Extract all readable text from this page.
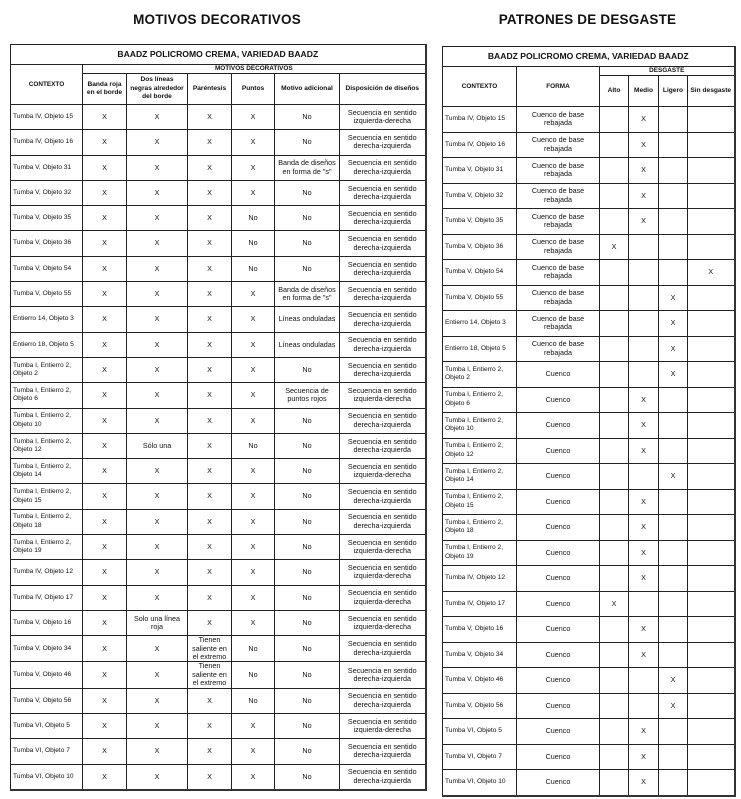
MOTIVOS DECORATIVOS	PATRONES DE DESGASTE
BAADZ POLICROMO CREMA, VARIEDAD BAADZ						
CONTEXTO	MOTIVOS DECORATIVOS					
	Banda roja en el borde	Dos líneas negras alrededor del borde	Paréntesis	Puntos	Motivo adicional	Disposición de diseños
Tumba IV, Objeto 15	X	X	X	X	No	Secuencia en sentido izquierda-derecha
Tumba IV, Objeto 16	X	X	X	X	No	Secuencia en sentido derecha-izquierda
Tumba V, Objeto 31	X	X	X	X	Banda de diseños en forma de "s"	Secuencia en sentido derecha-izquierda
Tumba V, Objeto 32	X	X	X	X	No	Secuencia en sentido derecha-izquierda
Tumba V, Objeto 35	X	X	X	No	No	Secuencia en sentido derecha-izquierda
Tumba V, Objeto 36	X	X	X	No	No	Secuencia en sentido derecha-izquierda
Tumba V, Objeto 54	X	X	X	No	No	Secuencia en sentido derecha-izquierda
Tumba V, Objeto 55	X	X	X	X	Banda de diseños en forma de "s"	Secuencia en sentido derecha-izquierda
Entierro 14, Objeto 3	X	X	X	X	Líneas onduladas	Secuencia en sentido derecha-izquierda
Entierro 18, Objeto 5	X	X	X	X	Líneas onduladas	Secuencia en sentido derecha-izquierda
Tumba I, Entierro 2, Objeto 2	X	X	X	X	No	Secuencia en sentido derecha-izquierda
Tumba I, Entierro 2, Objeto 6	X	X	X	X	Secuencia de puntos rojos	Secuencia en sentido izquierda-derecha
Tumba I, Entierro 2, Objeto 10	X	X	X	X	No	Secuencia en sentido derecha-izquierda
Tumba I, Entierro 2, Objeto 12	X	Sólo una	X	No	No	Secuencia en sentido derecha-izquierda
Tumba I, Entierro 2, Objeto 14	X	X	X	X	No	Secuencia en sentido izquierda-derecha
Tumba I, Entierro 2, Objeto 15	X	X	X	X	No	Secuencia en sentido derecha-izquierda
Tumba I, Entierro 2, Objeto 18	X	X	X	X	No	Secuencia en sentido derecha-izquierda
Tumba I, Entierro 2, Objeto 19	X	X	X	X	No	Secuencia en sentido izquierda-derecha
Tumba IV, Objeto 12	X	X	X	X	No	Secuencia en sentido izquierda-derecha
Tumba IV, Objeto 17	X	X	X	X	No	Secuencia en sentido izquierda-derecha
Tumba V, Objeto 16	X	Solo una línea roja	X	X	No	Secuencia en sentido izquierda-derecha
Tumba V, Objeto 34	X	X	Tienen saliente en el extremo	No	No	Secuencia en sentido derecha-izquierda
Tumba V, Objeto 46	X	X	Tienen saliente en el extremo	No	No	Secuencia en sentido derecha-izquierda
Tumba V, Objeto 56	X	X	X	No	No	Secuencia en sentido derecha-izquierda
Tumba VI, Objeto 5	X	X	X	X	No	Secuencia en sentido izquierda-derecha
Tumba VI, Objeto 7	X	X	X	X	No	Secuencia en sentido derecha-izquierda
Tumba VI, Objeto 10	X	X	X	X	No	Secuencia en sentido derecha-izquierda
BAADZ POLICROMO CREMA, VARIEDAD BAADZ					
CONTEXTO	FORMA	DESGASTE			
		Alto	Medio	Ligero	Sin desgaste
Tumba IV, Objeto 15	Cuenco de base rebajada		X		
Tumba IV, Objeto 16	Cuenco de base rebajada		X		
Tumba V, Objeto 31	Cuenco de base rebajada		X		
Tumba V, Objeto 32	Cuenco de base rebajada		X		
Tumba V, Objeto 35	Cuenco de base rebajada		X		
Tumba V, Objeto 36	Cuenco de base rebajada	X			
Tumba V, Objeto 54	Cuenco de base rebajada				X
Tumba V, Objeto 55	Cuenco de base rebajada			X	
Entierro 14, Objeto 3	Cuenco de base rebajada			X	
Entierro 18, Objeto 5	Cuenco de base rebajada			X	
Tumba I, Entierro 2, Objeto 2	Cuenco			X	
Tumba I, Entierro 2, Objeto 6	Cuenco		X		
Tumba I, Entierro 2, Objeto 10	Cuenco		X		
Tumba I, Entierro 2, Objeto 12	Cuenco		X		
Tumba I, Entierro 2, Objeto 14	Cuenco			X	
Tumba I, Entierro 2, Objeto 15	Cuenco		X		
Tumba I, Entierro 2, Objeto 18	Cuenco		X		
Tumba I, Entierro 2, Objeto 19	Cuenco		X		
Tumba IV, Objeto 12	Cuenco		X		
Tumba IV, Objeto 17	Cuenco	X			
Tumba V, Objeto 16	Cuenco		X		
Tumba V, Objeto 34	Cuenco		X		
Tumba V, Objeto 46	Cuenco			X	
Tumba V, Objeto 56	Cuenco			X	
Tumba VI, Objeto 5	Cuenco		X		
Tumba VI, Objeto 7	Cuenco		X		
Tumba VI, Objeto 10	Cuenco		X		
